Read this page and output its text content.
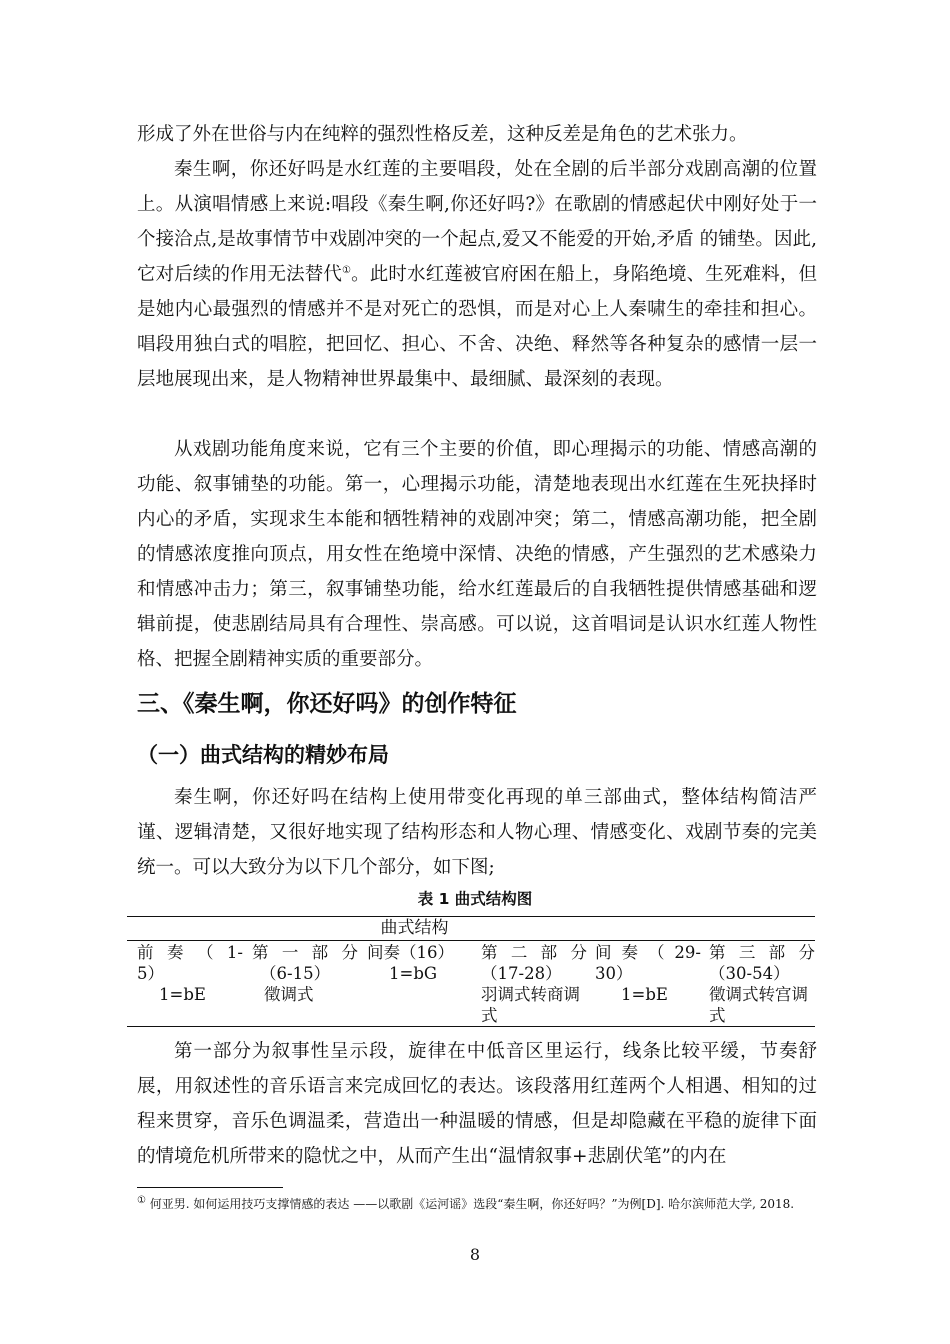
形成了外在世俗与内在纯粹的强烈性格反差，这种反差是角色的艺术张力。
秦生啊，你还好吗是水红莲的主要唱段，处在全剧的后半部分戏剧高潮的位置上。从演唱情感上来说:唱段《秦生啊,你还好吗?》在歌剧的情感起伏中刚好处于一个接洽点,是故事情节中戏剧冲突的一个起点,爱又不能爱的开始,矛盾 的铺垫。因此,它对后续的作用无法替代①。此时水红莲被官府困在船上，身陷绝境、生死难料，但是她内心最强烈的情感并不是对死亡的恐惧，而是对心上人秦啸生的牵挂和担心。唱段用独白式的唱腔，把回忆、担心、不舍、决绝、释然等各种复杂的感情一层一层地展现出来，是人物精神世界最集中、最细腻、最深刻的表现。
从戏剧功能角度来说，它有三个主要的价值，即心理揭示的功能、情感高潮的功能、叙事铺垫的功能。第一，心理揭示功能，清楚地表现出水红莲在生死抉择时内心的矛盾，实现求生本能和牺牲精神的戏剧冲突；第二，情感高潮功能，把全剧的情感浓度推向顶点，用女性在绝境中深情、决绝的情感，产生强烈的艺术感染力和情感冲击力；第三，叙事铺垫功能，给水红莲最后的自我牺牲提供情感基础和逻辑前提，使悲剧结局具有合理性、崇高感。可以说，这首唱词是认识水红莲人物性格、把握全剧精神实质的重要部分。
三、《秦生啊，你还好吗》的创作特征
（一）曲式结构的精妙布局
秦生啊，你还好吗在结构上使用带变化再现的单三部曲式，整体结构简洁严谨、逻辑清楚，又很好地实现了结构形态和人物心理、情感变化、戏剧节奏的完美统一。可以大致分为以下几个部分，如下图;
表 1 曲式结构图
曲式结构
前奏（1-
5）
1=bE
第一部分
（6-15）
徵调式
间奏（16）
1=bG
第二部分
（17-28）
羽调式转商调式
间奏（29-
30）
1=bE
第三部分
（30-54）
徵调式转宫调式
第一部分为叙事性呈示段，旋律在中低音区里运行，线条比较平缓，节奏舒展，用叙述性的音乐语言来完成回忆的表达。该段落用红莲两个人相遇、相知的过程来贯穿，音乐色调温柔，营造出一种温暖的情感，但是却隐藏在平稳的旋律下面的情境危机所带来的隐忧之中，从而产生出“温情叙事+悲剧伏笔”的内在
① 何亚男. 如何运用技巧支撑情感的表达 ——以歌剧《运河谣》选段“秦生啊，你还好吗？”为例[D]. 哈尔滨师范大学, 2018.
8
